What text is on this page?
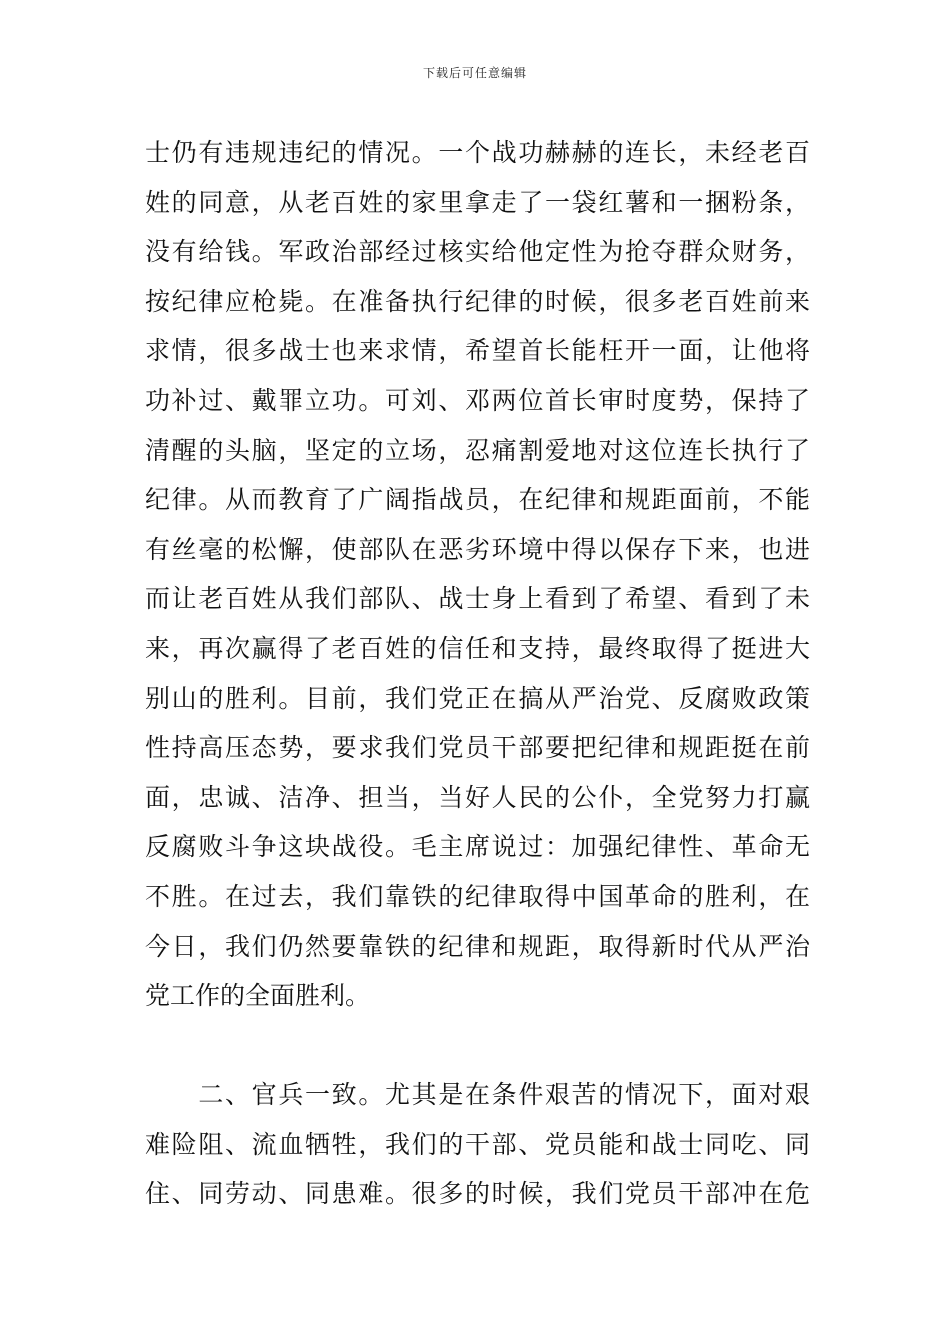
下载后可任意编辑
士仍有违规违纪的情况。一个战功赫赫的连长，未经老百
姓的同意，从老百姓的家里拿走了一袋红薯和一捆粉条，
没有给钱。军政治部经过核实给他定性为抢夺群众财务，
按纪律应枪毙。在准备执行纪律的时候，很多老百姓前来
求情，很多战士也来求情，希望首长能枉开一面，让他将
功补过、戴罪立功。可刘、邓两位首长审时度势，保持了
清醒的头脑，坚定的立场，忍痛割爱地对这位连长执行了
纪律。从而教育了广阔指战员，在纪律和规距面前，不能
有丝毫的松懈，使部队在恶劣环境中得以保存下来，也进
而让老百姓从我们部队、战士身上看到了希望、看到了未
来，再次赢得了老百姓的信任和支持，最终取得了挺进大
别山的胜利。目前，我们党正在搞从严治党、反腐败政策
性持高压态势，要求我们党员干部要把纪律和规距挺在前
面，忠诚、洁净、担当，当好人民的公仆，全党努力打赢
反腐败斗争这块战役。毛主席说过：加强纪律性、革命无
不胜。在过去，我们靠铁的纪律取得中国革命的胜利，在
今日，我们仍然要靠铁的纪律和规距，取得新时代从严治
党工作的全面胜利。
　　二、官兵一致。尤其是在条件艰苦的情况下，面对艰
难险阻、流血牺牲，我们的干部、党员能和战士同吃、同
住、同劳动、同患难。很多的时候，我们党员干部冲在危
